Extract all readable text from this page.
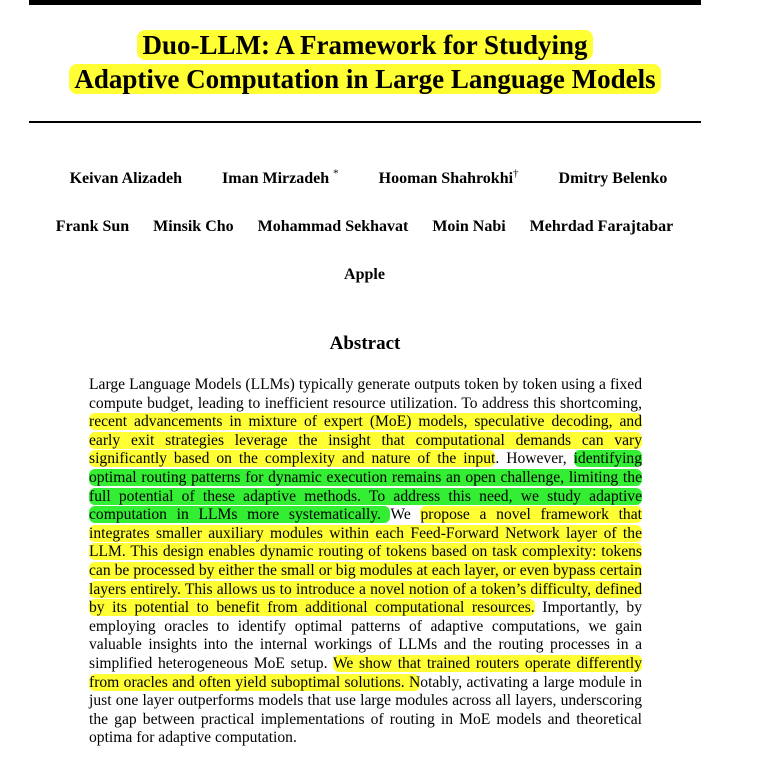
Duo-LLM: A Framework for Studying
Adaptive Computation in Large Language Models
Keivan Alizadeh	Iman Mirzadeh *	Hooman Shahrokhi†	Dmitry Belenko
Frank Sun Minsik Cho Mohammad Sekhavat Moin Nabi Mehrdad Farajtabar
Apple
Abstract
Large Language Models (LLMs) typically generate outputs token by token using a fixed compute budget, leading to inefficient resource utilization. To address this shortcoming, recent advancements in mixture of expert (MoE) models, speculative decoding, and early exit strategies leverage the insight that computational demands can vary significantly based on the complexity and nature of the input. However, identifying optimal routing patterns for dynamic execution remains an open challenge, limiting the full potential of these adaptive methods. To address this need, we study adaptive computation in LLMs more systematically. We propose a novel framework that integrates smaller auxiliary modules within each Feed-Forward Network layer of the LLM. This design enables dynamic routing of tokens based on task complexity: tokens can be processed by either the small or big modules at each layer, or even bypass certain layers entirely. This allows us to introduce a novel notion of a token’s difficulty, defined by its potential to benefit from additional computational resources. Importantly, by employing oracles to identify optimal patterns of adaptive computations, we gain valuable insights into the internal workings of LLMs and the routing processes in a simplified heterogeneous MoE setup. We show that trained routers operate differently from oracles and often yield suboptimal solutions. Notably, activating a large module in just one layer outperforms models that use large modules across all layers, underscoring the gap between practical implementations of routing in MoE models and theoretical optima for adaptive computation.
